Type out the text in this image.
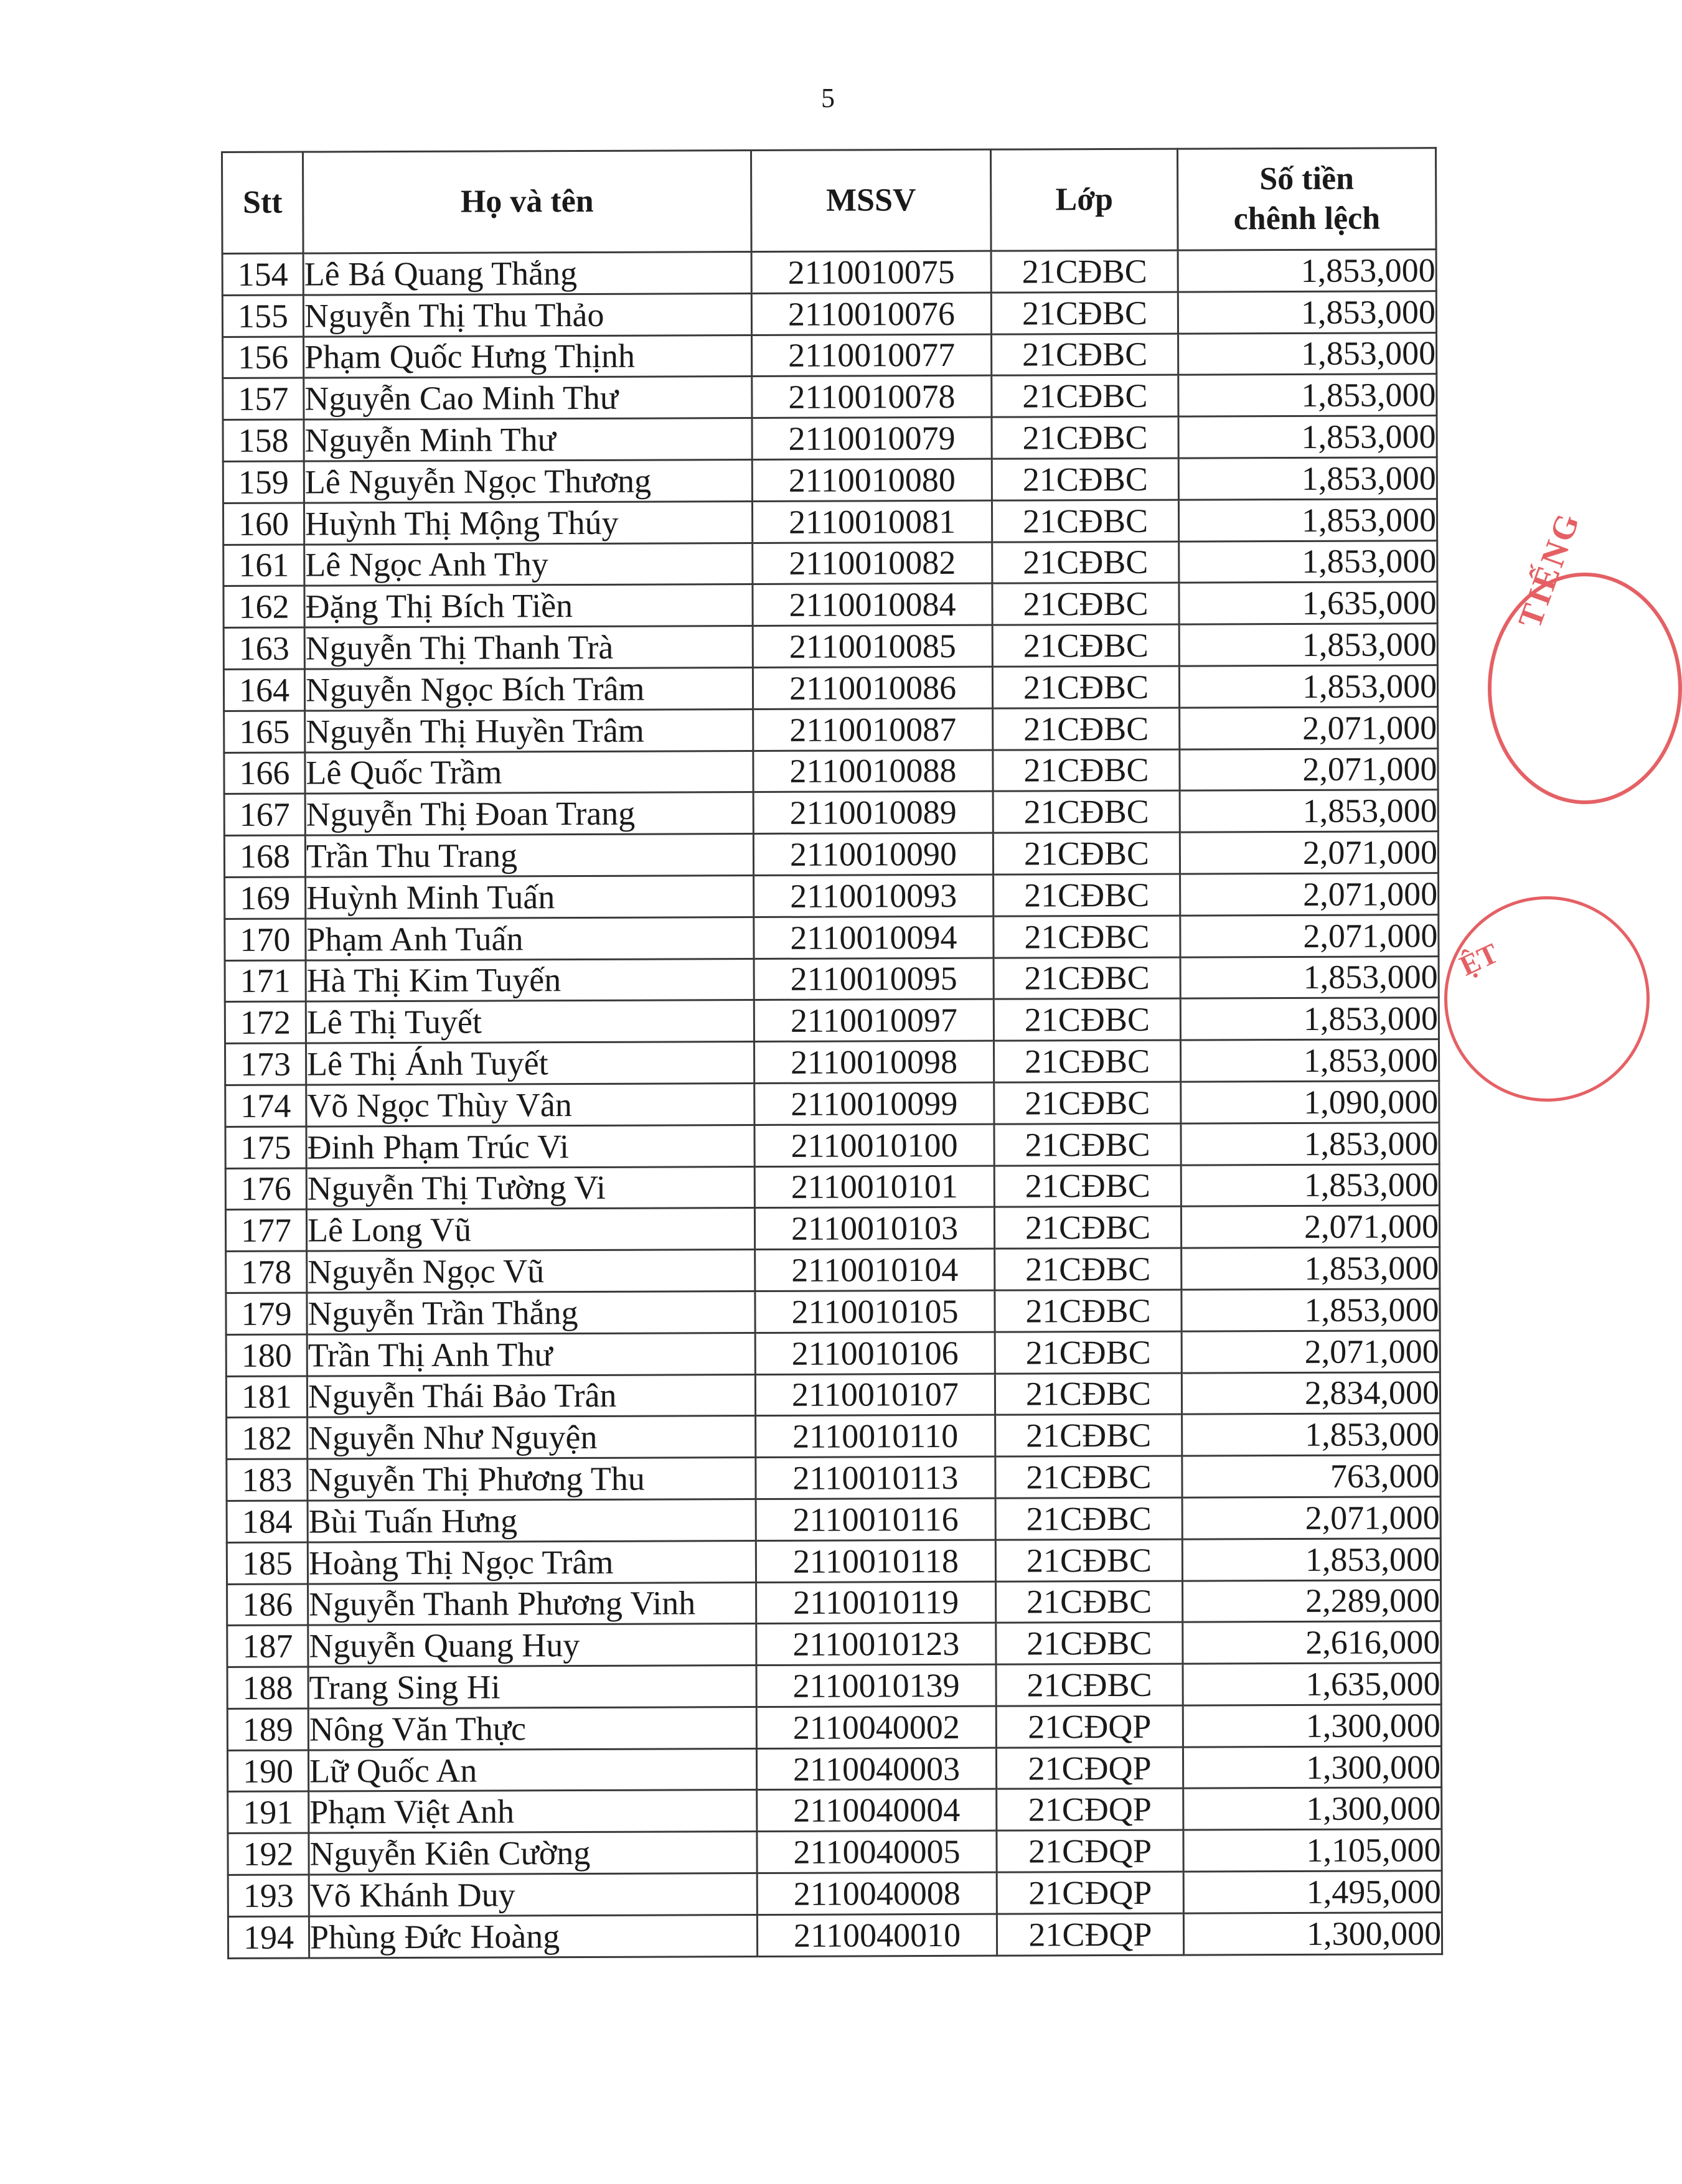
5
Stt	Họ và tên	MSSV	Lớp	Số tiền
chênh lệch

154	Lê Bá Quang Thắng	2110010075	21CĐBC	1,853,000
155	Nguyễn Thị Thu Thảo	2110010076	21CĐBC	1,853,000
156	Phạm Quốc Hưng Thịnh	2110010077	21CĐBC	1,853,000
157	Nguyễn Cao Minh Thư	2110010078	21CĐBC	1,853,000
158	Nguyễn Minh Thư	2110010079	21CĐBC	1,853,000
159	Lê Nguyễn Ngọc Thương	2110010080	21CĐBC	1,853,000
160	Huỳnh Thị Mộng Thúy	2110010081	21CĐBC	1,853,000
161	Lê Ngọc Anh Thy	2110010082	21CĐBC	1,853,000
162	Đặng Thị Bích Tiền	2110010084	21CĐBC	1,635,000
163	Nguyễn Thị Thanh Trà	2110010085	21CĐBC	1,853,000
164	Nguyễn Ngọc Bích Trâm	2110010086	21CĐBC	1,853,000
165	Nguyễn Thị Huyền Trâm	2110010087	21CĐBC	2,071,000
166	Lê Quốc Trầm	2110010088	21CĐBC	2,071,000
167	Nguyễn Thị Đoan Trang	2110010089	21CĐBC	1,853,000
168	Trần Thu Trang	2110010090	21CĐBC	2,071,000
169	Huỳnh Minh Tuấn	2110010093	21CĐBC	2,071,000
170	Phạm Anh Tuấn	2110010094	21CĐBC	2,071,000
171	Hà Thị Kim Tuyến	2110010095	21CĐBC	1,853,000
172	Lê Thị Tuyết	2110010097	21CĐBC	1,853,000
173	Lê Thị Ánh Tuyết	2110010098	21CĐBC	1,853,000
174	Võ Ngọc Thùy Vân	2110010099	21CĐBC	1,090,000
175	Đinh Phạm Trúc Vi	2110010100	21CĐBC	1,853,000
176	Nguyễn Thị Tường Vi	2110010101	21CĐBC	1,853,000
177	Lê Long Vũ	2110010103	21CĐBC	2,071,000
178	Nguyễn Ngọc Vũ	2110010104	21CĐBC	1,853,000
179	Nguyễn Trần Thắng	2110010105	21CĐBC	1,853,000
180	Trần Thị Anh Thư	2110010106	21CĐBC	2,071,000
181	Nguyễn Thái Bảo Trân	2110010107	21CĐBC	2,834,000
182	Nguyễn Như Nguyện	2110010110	21CĐBC	1,853,000
183	Nguyễn Thị Phương Thu	2110010113	21CĐBC	763,000
184	Bùi Tuấn Hưng	2110010116	21CĐBC	2,071,000
185	Hoàng Thị Ngọc Trâm	2110010118	21CĐBC	1,853,000
186	Nguyễn Thanh Phương Vinh	2110010119	21CĐBC	2,289,000
187	Nguyễn Quang Huy	2110010123	21CĐBC	2,616,000
188	Trang Sing Hi	2110010139	21CĐBC	1,635,000
189	Nông Văn Thực	2110040002	21CĐQP	1,300,000
190	Lữ Quốc An	2110040003	21CĐQP	1,300,000
191	Phạm Việt Anh	2110040004	21CĐQP	1,300,000
192	Nguyễn Kiên Cường	2110040005	21CĐQP	1,105,000
193	Võ Khánh Duy	2110040008	21CĐQP	1,495,000
194	Phùng Đức Hoàng	2110040010	21CĐQP	1,300,000
TIẾNG
ỆT
